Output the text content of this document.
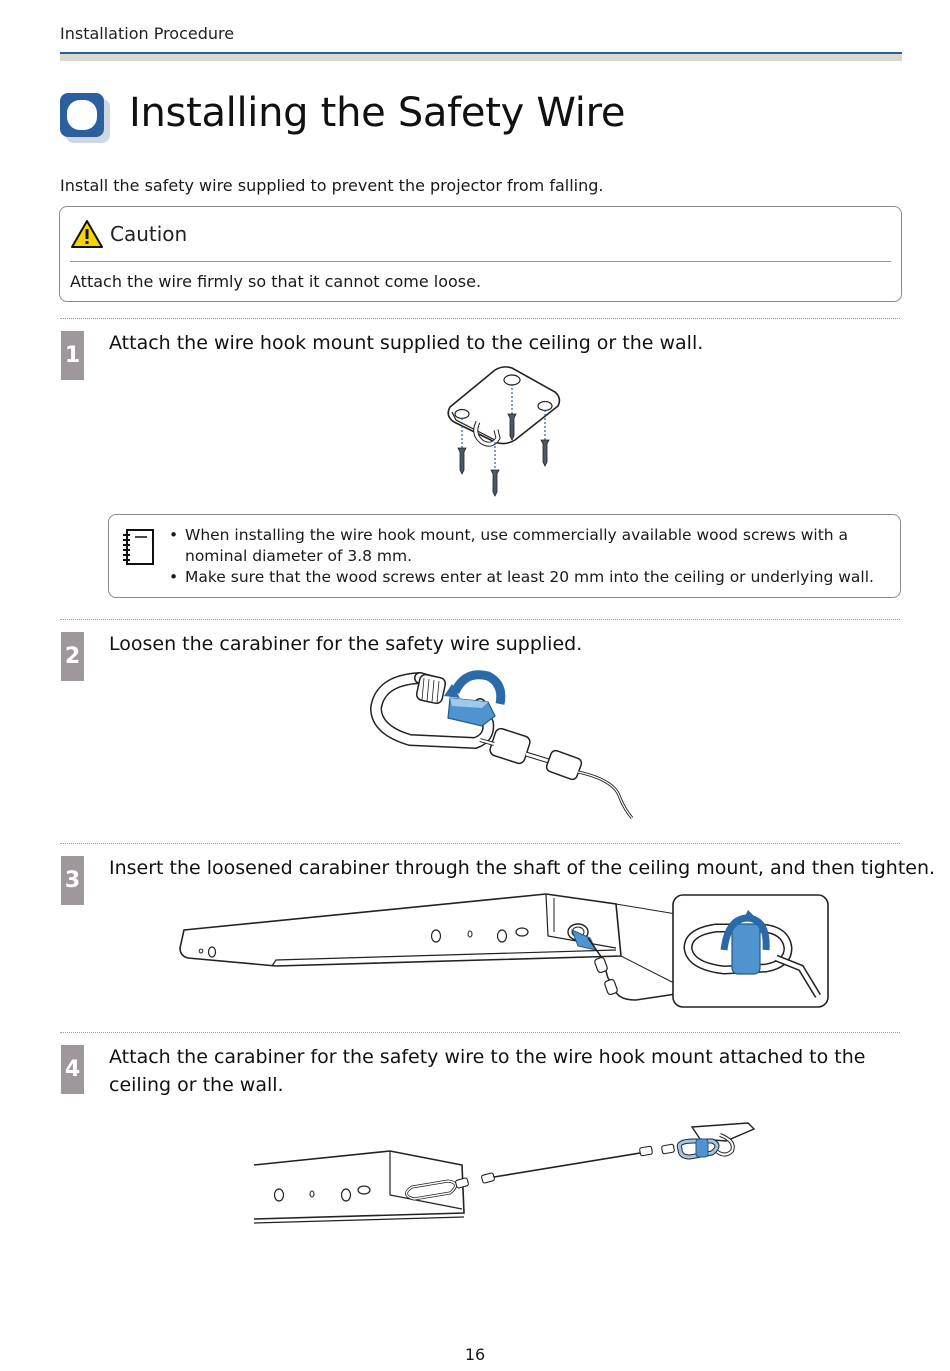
Installation Procedure
Installing the Safety Wire

Install the safety wire supplied to prevent the projector from falling.

Caution
Attach the wire firmly so that it cannot come loose.
1 Attach the wire hook mount supplied to the ceiling or the wall.
• When installing the wire hook mount, use commercially available wood screws with a nominal diameter of 3.8 mm.
• Make sure that the wood screws enter at least 20 mm into the ceiling or underlying wall.
2 Loosen the carabiner for the safety wire supplied.
3 Insert the loosened carabiner through the shaft of the ceiling mount, and then tighten.
4 Attach the carabiner for the safety wire to the wire hook mount attached to the ceiling or the wall.
16
